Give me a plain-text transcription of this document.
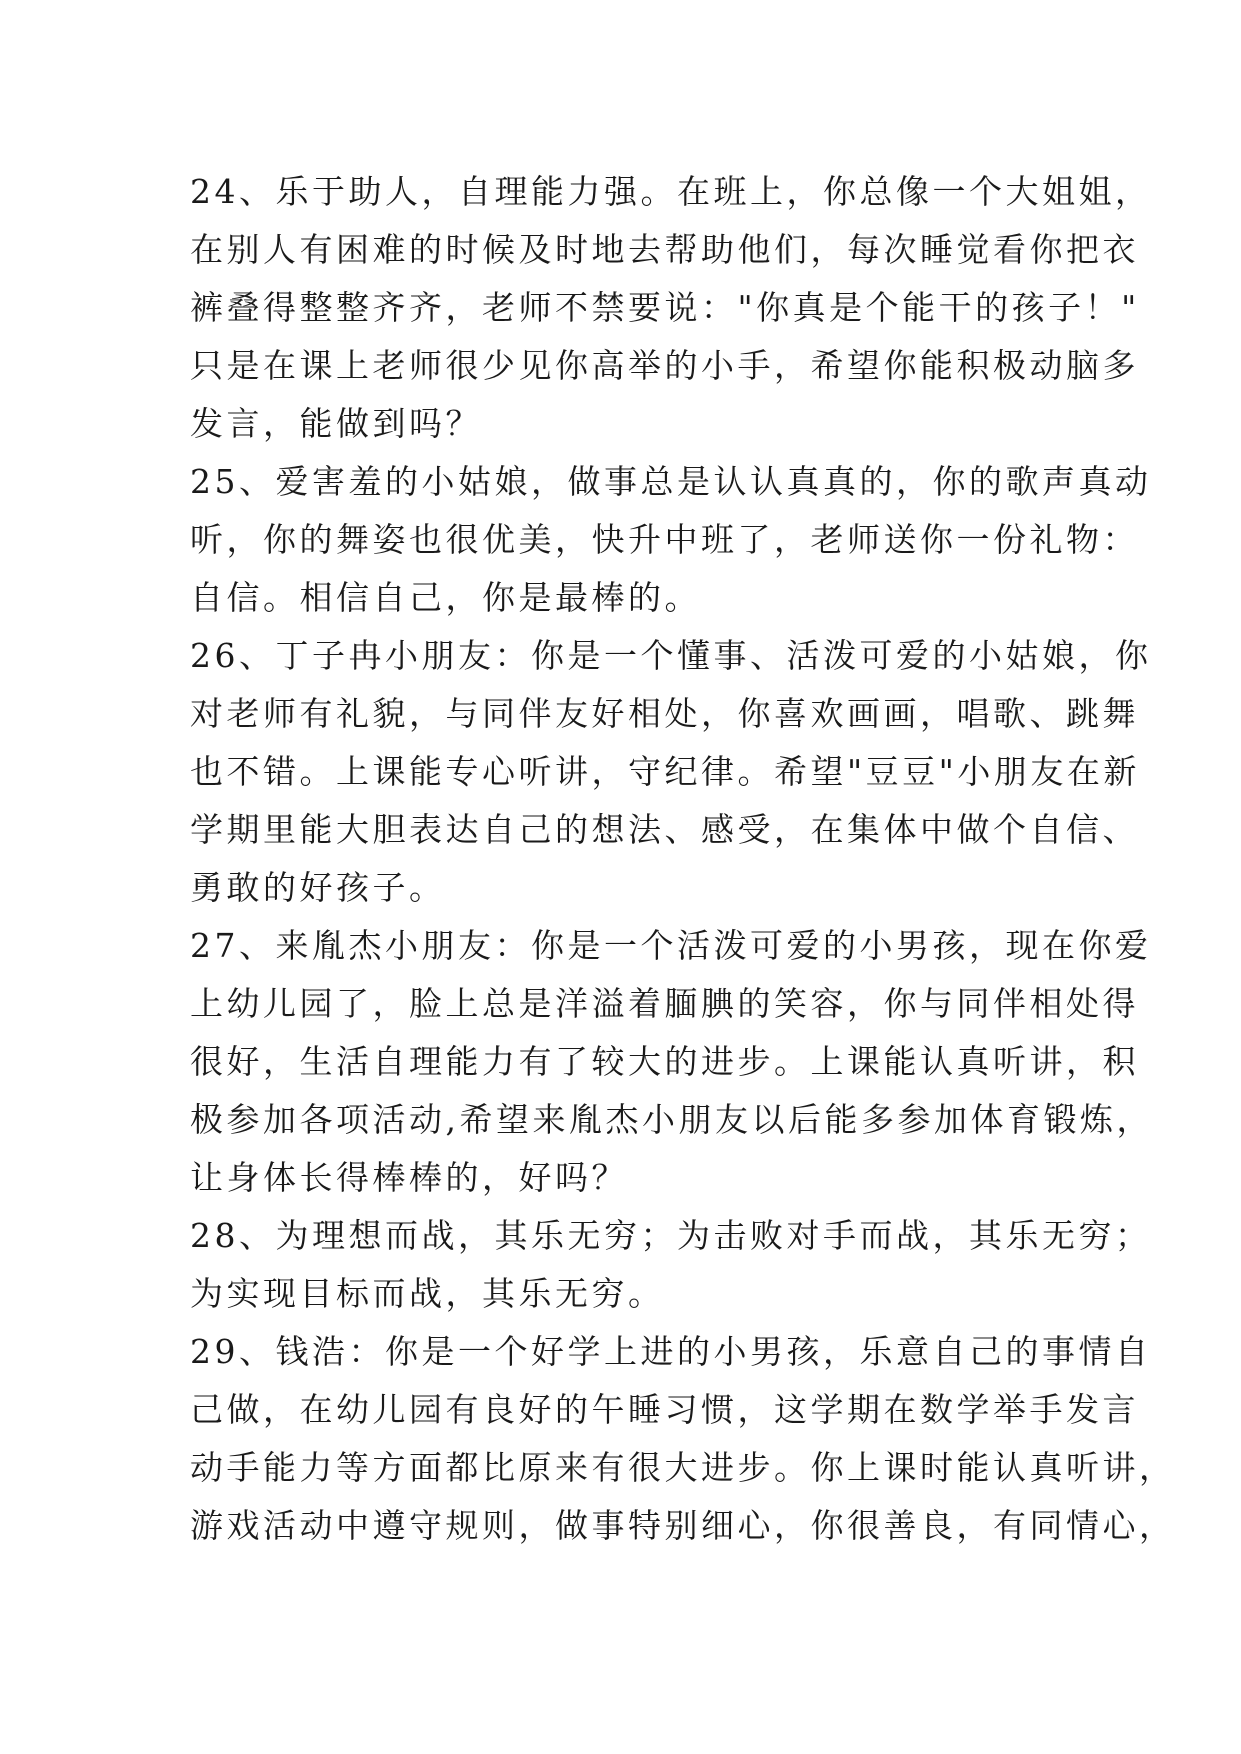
24、乐于助人，自理能力强。在班上，你总像一个大姐姐，
在别人有困难的时候及时地去帮助他们，每次睡觉看你把衣
裤叠得整整齐齐，老师不禁要说："你真是个能干的孩子！"
只是在课上老师很少见你高举的小手，希望你能积极动脑多
发言，能做到吗？
25、爱害羞的小姑娘，做事总是认认真真的，你的歌声真动
听，你的舞姿也很优美，快升中班了，老师送你一份礼物：
自信。相信自己，你是最棒的。
26、丁子冉小朋友：你是一个懂事、活泼可爱的小姑娘，你
对老师有礼貌，与同伴友好相处，你喜欢画画，唱歌、跳舞
也不错。上课能专心听讲，守纪律。希望"豆豆"小朋友在新
学期里能大胆表达自己的想法、感受，在集体中做个自信、
勇敢的好孩子。
27、来胤杰小朋友：你是一个活泼可爱的小男孩，现在你爱
上幼儿园了，脸上总是洋溢着腼腆的笑容，你与同伴相处得
很好，生活自理能力有了较大的进步。上课能认真听讲，积
极参加各项活动,希望来胤杰小朋友以后能多参加体育锻炼，
让身体长得棒棒的，好吗？
28、为理想而战，其乐无穷；为击败对手而战，其乐无穷；
为实现目标而战，其乐无穷。
29、钱浩：你是一个好学上进的小男孩，乐意自己的事情自
己做，在幼儿园有良好的午睡习惯，这学期在数学举手发言
动手能力等方面都比原来有很大进步。你上课时能认真听讲，
游戏活动中遵守规则，做事特别细心，你很善良，有同情心，
